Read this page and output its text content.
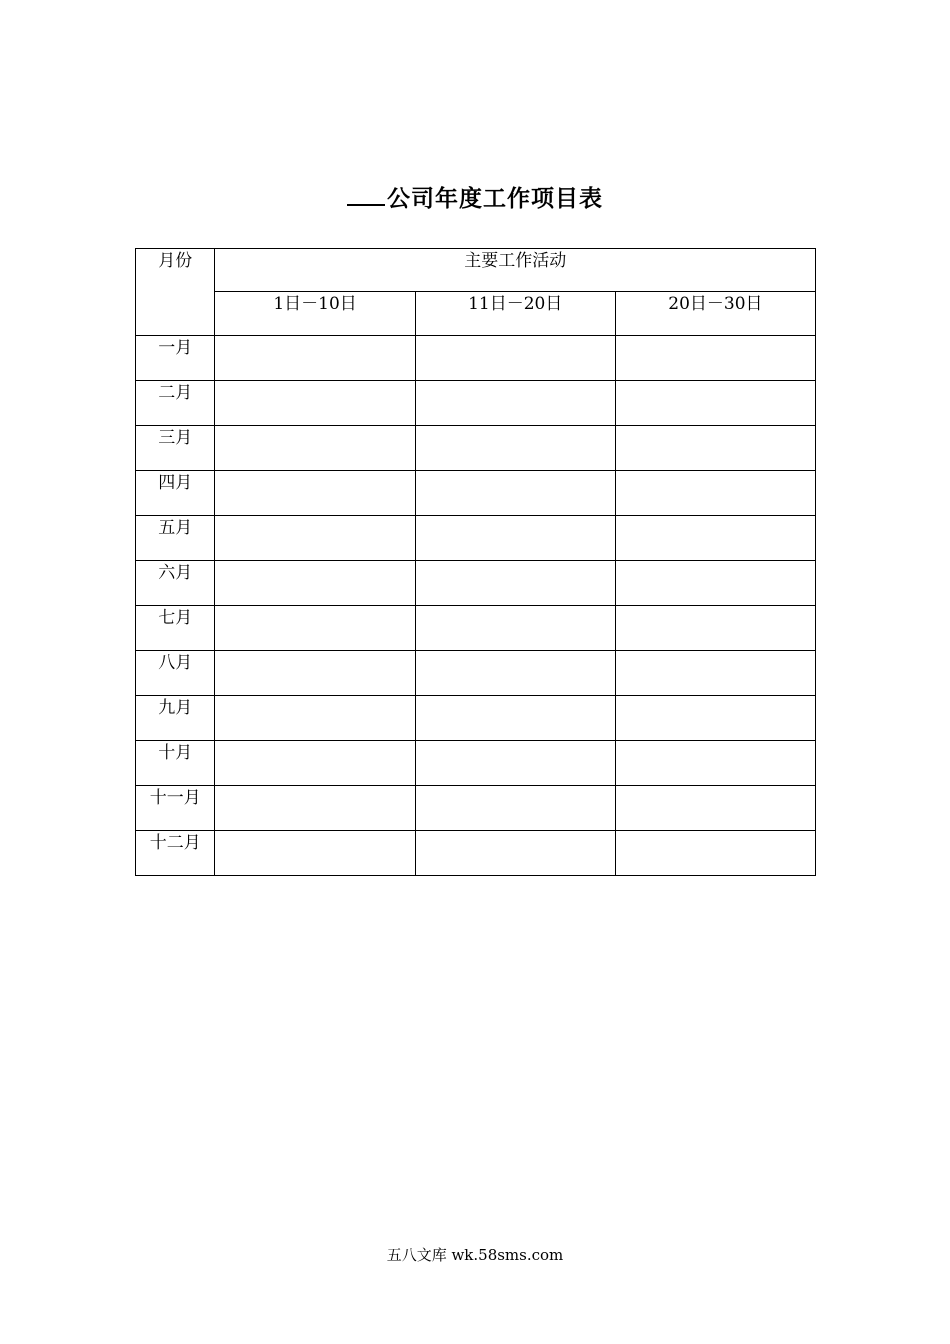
公司年度工作项目表
月份	主要工作活动		
	1日－10日	11日－20日	20日－30日
一月			
二月			
三月			
四月			
五月			
六月			
七月			
八月			
九月			
十月			
十一月			
十二月			
五八文库 wk.58sms.com
